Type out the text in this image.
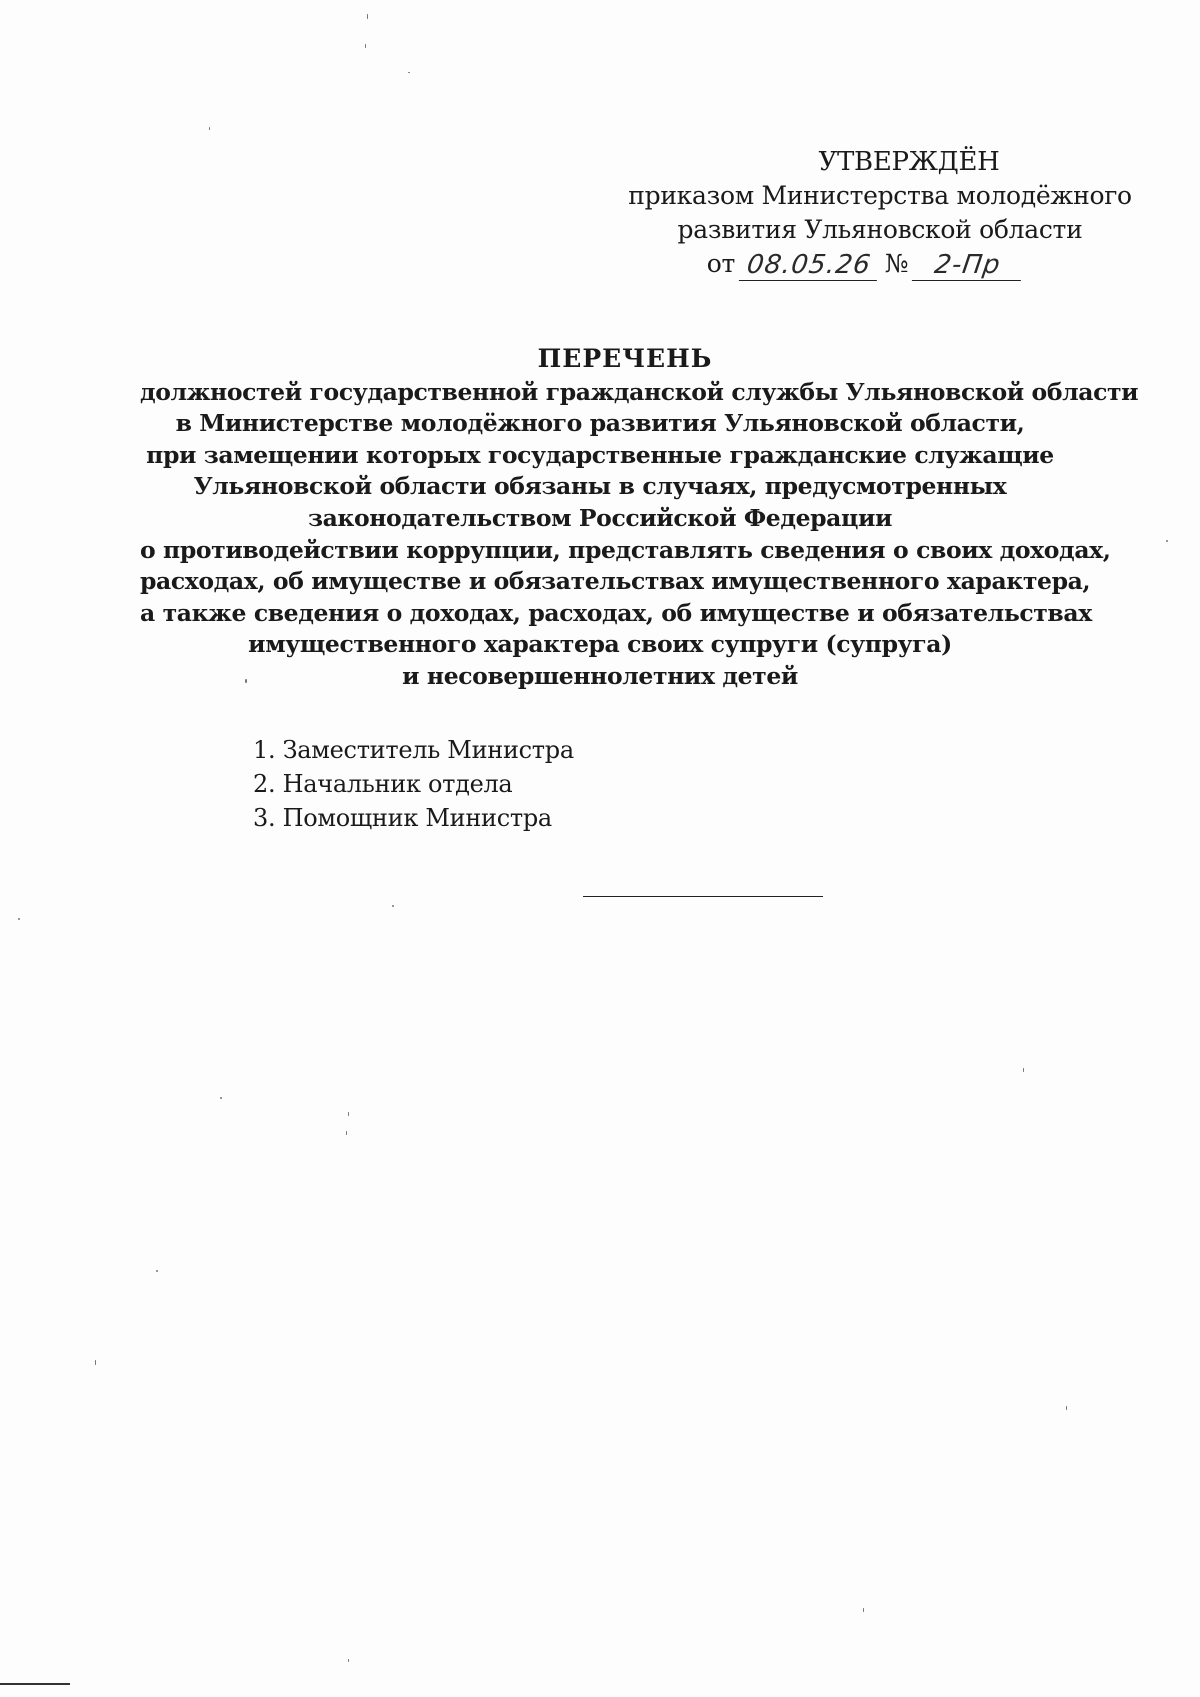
УТВЕРЖДЁН
приказом Министерства молодёжного
развития Ульяновской области
от 08.05.26 № 2-Пр
ПЕРЕЧЕНЬ
должностей государственной гражданской службы Ульяновской области
в Министерстве молодёжного развития Ульяновской области,
при замещении которых государственные гражданские служащие
Ульяновской области обязаны в случаях, предусмотренных
законодательством Российской Федерации
о противодействии коррупции, представлять сведения о своих доходах,
расходах, об имуществе и обязательствах имущественного характера,
а также сведения о доходах, расходах, об имуществе и обязательствах
имущественного характера своих супруги (супруга)
и несовершеннолетних детей
1. Заместитель Министра
2. Начальник отдела
3. Помощник Министра
